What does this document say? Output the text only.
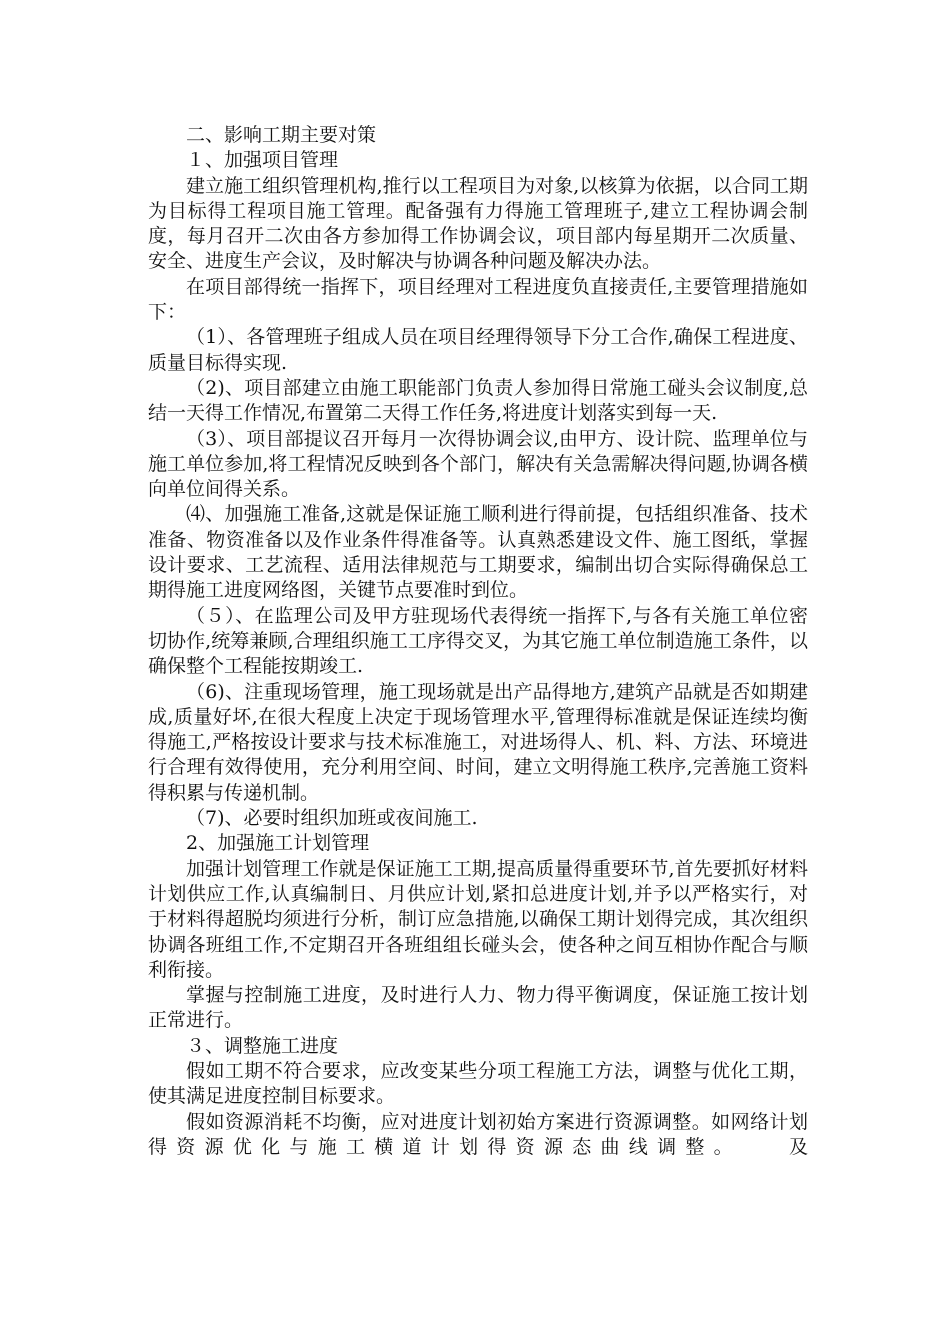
二、影响工期主要对策

１、加强项目管理

建立施工组织管理机构,推行以工程项目为对象,以核算为依据，以合同工期为目标得工程项目施工管理。配备强有力得施工管理班子,建立工程协调会制度，每月召开二次由各方参加得工作协调会议，项目部内每星期开二次质量、安全、进度生产会议，及时解决与协调各种问题及解决办法。

在项目部得统一指挥下，项目经理对工程进度负直接责任,主要管理措施如下：

（1）、各管理班子组成人员在项目经理得领导下分工合作,确保工程进度、质量目标得实现.

（2)、项目部建立由施工职能部门负责人参加得日常施工碰头会议制度,总结一天得工作情况,布置第二天得工作任务,将进度计划落实到每一天.

（3）、项目部提议召开每月一次得协调会议,由甲方、设计院、监理单位与施工单位参加,将工程情况反映到各个部门，解决有关急需解决得问题,协调各横向单位间得关系。

⑷、加强施工准备,这就是保证施工顺利进行得前提，包括组织准备、技术准备、物资准备以及作业条件得准备等。认真熟悉建设文件、施工图纸，掌握设计要求、工艺流程、适用法律规范与工期要求，编制出切合实际得确保总工期得施工进度网络图，关键节点要准时到位。

（５）、在监理公司及甲方驻现场代表得统一指挥下,与各有关施工单位密切协作,统筹兼顾,合理组织施工工序得交叉，为其它施工单位制造施工条件，以确保整个工程能按期竣工.

（6)、注重现场管理，施工现场就是出产品得地方,建筑产品就是否如期建成,质量好坏,在很大程度上决定于现场管理水平,管理得标准就是保证连续均衡得施工,严格按设计要求与技术标准施工，对进场得人、机、料、方法、环境进行合理有效得使用，充分利用空间、时间，建立文明得施工秩序,完善施工资料得积累与传递机制。

（7)、必要时组织加班或夜间施工.

2、加强施工计划管理

加强计划管理工作就是保证施工工期,提高质量得重要环节,首先要抓好材料计划供应工作,认真编制日、月供应计划,紧扣总进度计划,并予以严格实行，对于材料得超脱均须进行分析，制订应急措施,以确保工期计划得完成，其次组织协调各班组工作,不定期召开各班组组长碰头会，使各种之间互相协作配合与顺利衔接。

掌握与控制施工进度，及时进行人力、物力得平衡调度，保证施工按计划正常进行。

３、调整施工进度

假如工期不符合要求，应改变某些分项工程施工方法，调整与优化工期，使其满足进度控制目标要求。

假如资源消耗不均衡，应对进度计划初始方案进行资源调整。如网络计划得资源优化与施工横道计划得资源态曲线调整。　　及
